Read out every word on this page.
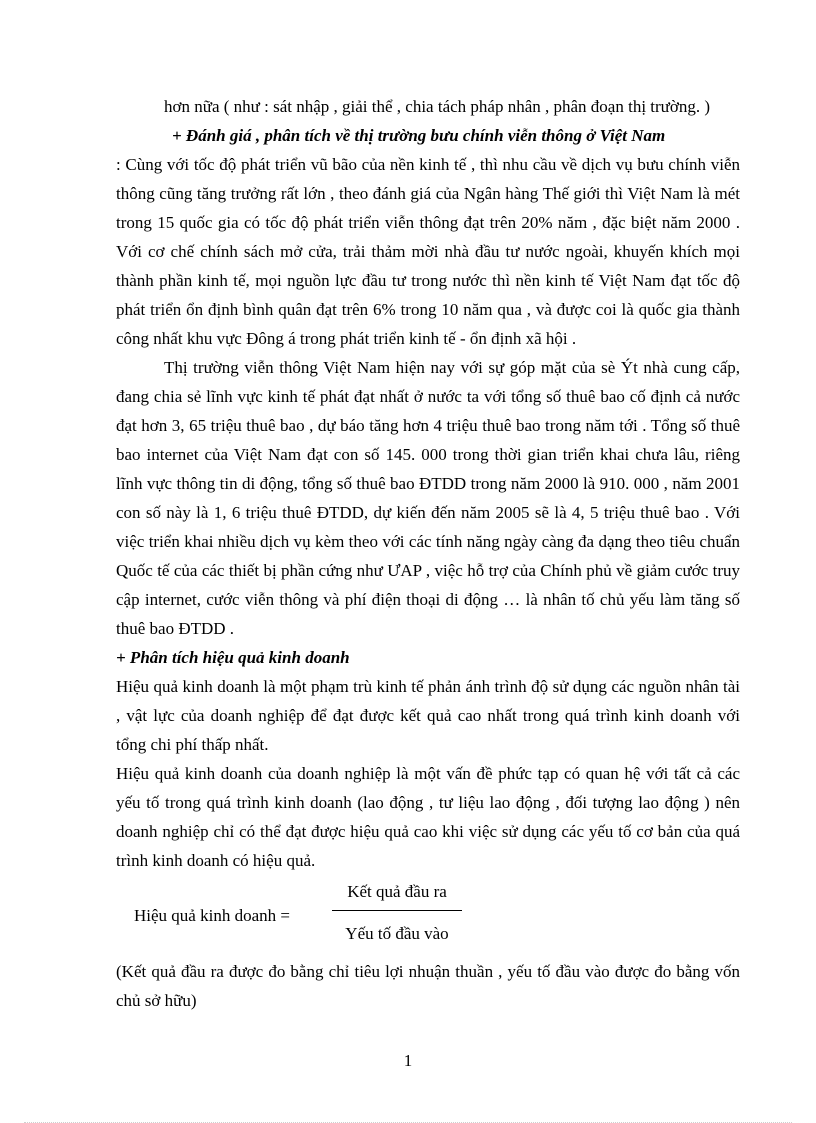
hơn nữa ( như : sát nhập , giải thể , chia tách pháp nhân , phân đoạn thị trường. )

+ Đánh giá , phân tích về thị trường bưu chính viễn thông ở Việt Nam

: Cùng với tốc độ phát triển vũ bão của nền kinh tế , thì nhu cầu về dịch vụ bưu chính viễn thông cũng tăng trưởng rất lớn , theo đánh giá của Ngân hàng Thế giới thì Việt Nam là mét trong 15 quốc gia có tốc độ phát triển viễn thông đạt trên 20% năm , đặc biệt năm 2000 . Với cơ chế chính sách mở cửa, trải thảm mời nhà đầu tư nước ngoài, khuyến khích mọi thành phần kinh tế, mọi nguồn lực đầu tư trong nước thì nền kinh tế Việt Nam đạt tốc độ phát triển ổn định bình quân đạt trên 6% trong 10 năm qua , và được coi là quốc gia thành công nhất khu vực Đông á trong phát triển kinh tế - ổn định xã hội .

Thị trường viễn thông Việt Nam hiện nay với sự góp mặt của sè Ýt nhà cung cấp, đang chia sẻ lĩnh vực kinh tế phát đạt nhất ở nước ta với tổng số thuê bao cố định cả nước đạt hơn 3, 65 triệu thuê bao , dự báo tăng hơn 4 triệu thuê bao trong năm tới . Tổng số thuê bao internet của Việt Nam đạt con số 145. 000 trong thời gian triển khai chưa lâu, riêng lĩnh vực thông tin di động, tổng số thuê bao ĐTDD trong năm 2000 là 910. 000 , năm 2001 con số này là 1, 6 triệu thuê ĐTDD, dự kiến đến năm 2005 sẽ là 4, 5 triệu thuê bao . Với việc triển khai nhiều dịch vụ kèm theo với các tính năng ngày càng đa dạng theo tiêu chuẩn Quốc tế của các thiết bị phần cứng như ƯAP , việc hỗ trợ của Chính phủ về giảm cước truy cập internet, cước viễn thông và phí điện thoại di động … là nhân tố chủ yếu làm tăng số thuê bao ĐTDD .

+ Phân tích hiệu quả kinh doanh

Hiệu quả kinh doanh là một phạm trù kinh tế phản ánh trình độ sử dụng các nguồn nhân tài , vật lực của doanh nghiệp để đạt được kết quả cao nhất trong quá trình kinh doanh với tổng chi phí thấp nhất.

Hiệu quả kinh doanh của doanh nghiệp là một vấn đề phức tạp có quan hệ với tất cả các yếu tố trong quá trình kinh doanh (lao động , tư liệu lao động , đối tượng lao động ) nên doanh nghiệp chỉ có thể đạt được hiệu quả cao khi việc sử dụng các yếu tố cơ bản của quá trình kinh doanh có hiệu quả.

Hiệu quả kinh doanh =
Kết quả đầu ra
Yếu tố đầu vào

(Kết quả đầu ra được đo bằng chỉ tiêu lợi nhuận thuần , yếu tố đầu vào được đo bằng vốn chủ sở hữu)

1
